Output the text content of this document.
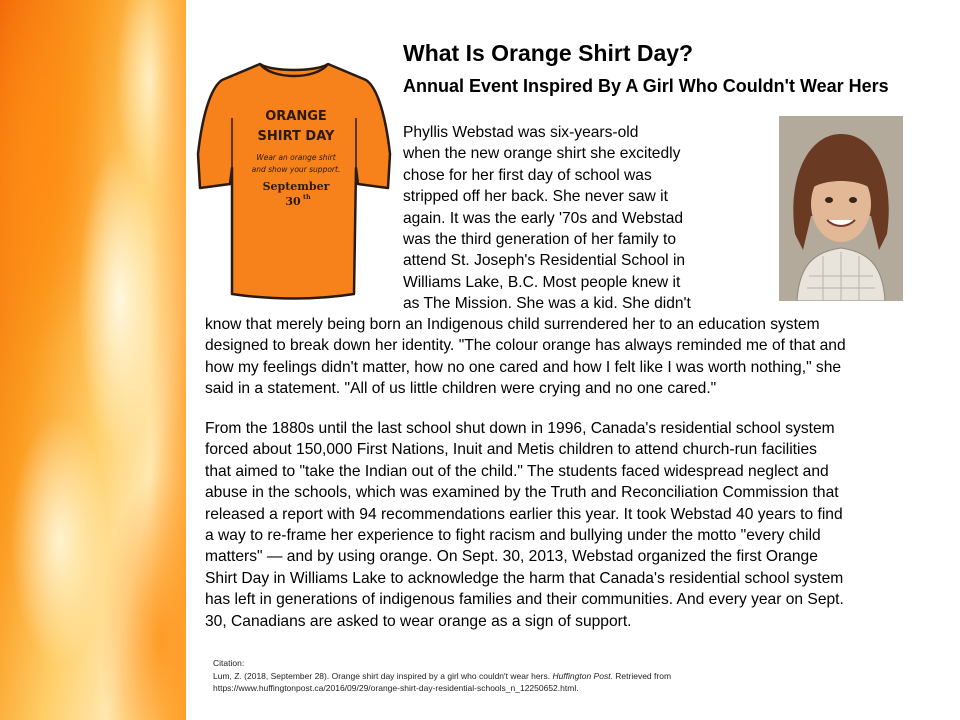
What Is Orange Shirt Day?
Annual Event Inspired By A Girl Who Couldn't Wear Hers
ORANGE
SHIRT DAY
Wear an orange shirt
and show your support.
September
30 th

Phyllis Webstad was six-years-old
when the new orange shirt she excitedly
chose for her first day of school was
stripped off her back. She never saw it
again. It was the early '70s and Webstad
was the third generation of her family to
attend St. Joseph's Residential School in
Williams Lake, B.C. Most people knew it
as The Mission. She was a kid. She didn't

know that merely being born an Indigenous child surrendered her to an education system
designed to break down her identity. "The colour orange has always reminded me of that and
how my feelings didn't matter, how no one cared and how I felt like I was worth nothing," she
said in a statement. "All of us little children were crying and no one cared."

From the 1880s until the last school shut down in 1996, Canada's residential school system
forced about 150,000 First Nations, Inuit and Metis children to attend church-run facilities
that aimed to "take the Indian out of the child." The students faced widespread neglect and
abuse in the schools, which was examined by the Truth and Reconciliation Commission that
released a report with 94 recommendations earlier this year. It took Webstad 40 years to find
a way to re-frame her experience to fight racism and bullying under the motto "every child
matters" — and by using orange. On Sept. 30, 2013, Webstad organized the first Orange
Shirt Day in Williams Lake to acknowledge the harm that Canada's residential school system
has left in generations of indigenous families and their communities. And every year on Sept.
30, Canadians are asked to wear orange as a sign of support.

Citation:
Lum, Z. (2018, September 28). Orange shirt day inspired by a girl who couldn't wear hers. Huffington Post. Retrieved from
https://www.huffingtonpost.ca/2016/09/29/orange-shirt-day-residential-schools_n_12250652.html.
